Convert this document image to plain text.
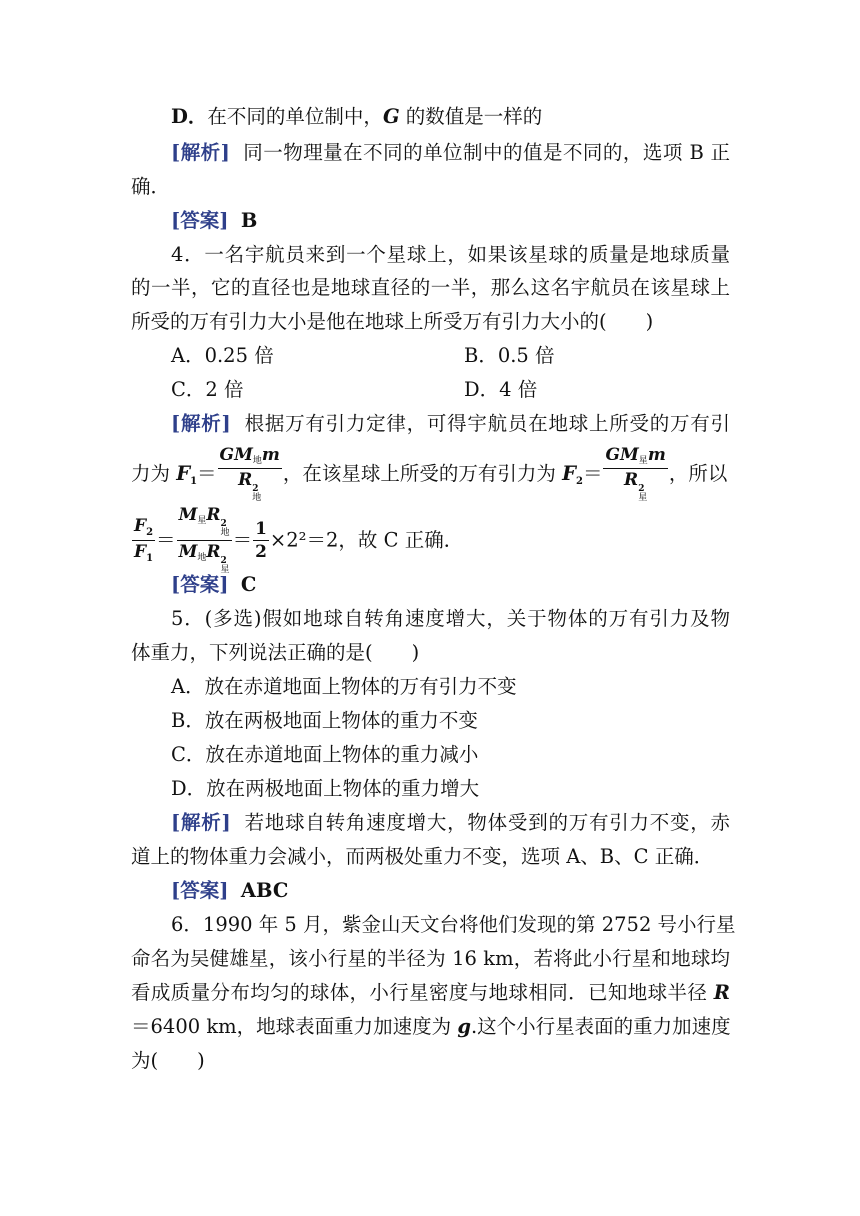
D．在不同的单位制中，G 的数值是一样的
[解析] 同一物理量在不同的单位制中的值是不同的，选项 B 正
确．
[答案] B
4．一名宇航员来到一个星球上，如果该星球的质量是地球质量
的一半，它的直径也是地球直径的一半，那么这名宇航员在该星球上
所受的万有引力大小是他在地球上所受万有引力大小的(　　)
A．0.25 倍	B．0.5 倍
C．2 倍	D．4 倍
[解析] 根据万有引力定律，可得宇航员在地球上所受的万有引
力为 $F_1=$ GM地m
R 2
地 ，在该星球上所受的万有引力为 $F_2=$ GM星m
R 2
星 ，所以
$\frac{F_2}{F_1} = M$星R 2
地
M地R 2
星 ＝ $\frac{1}{2} \times 2^2=2$，故 C 正确．
[答案] C
5．(多选)假如地球自转角速度增大，关于物体的万有引力及物
体重力，下列说法正确的是(　　)
A．放在赤道地面上物体的万有引力不变
B．放在两极地面上物体的重力不变
C．放在赤道地面上物体的重力减小
D．放在两极地面上物体的重力增大
[解析] 若地球自转角速度增大，物体受到的万有引力不变，赤
道上的物体重力会减小，而两极处重力不变，选项 A、B、C 正确．
[答案] ABC
6．1990 年 5 月，紫金山天文台将他们发现的第 2752 号小行星
命名为吴健雄星，该小行星的半径为 16 km，若将此小行星和地球均
看成质量分布均匀的球体，小行星密度与地球相同．已知地球半径 R
＝6400 km，地球表面重力加速度为 g.这个小行星表面的重力加速度
为(　　)
